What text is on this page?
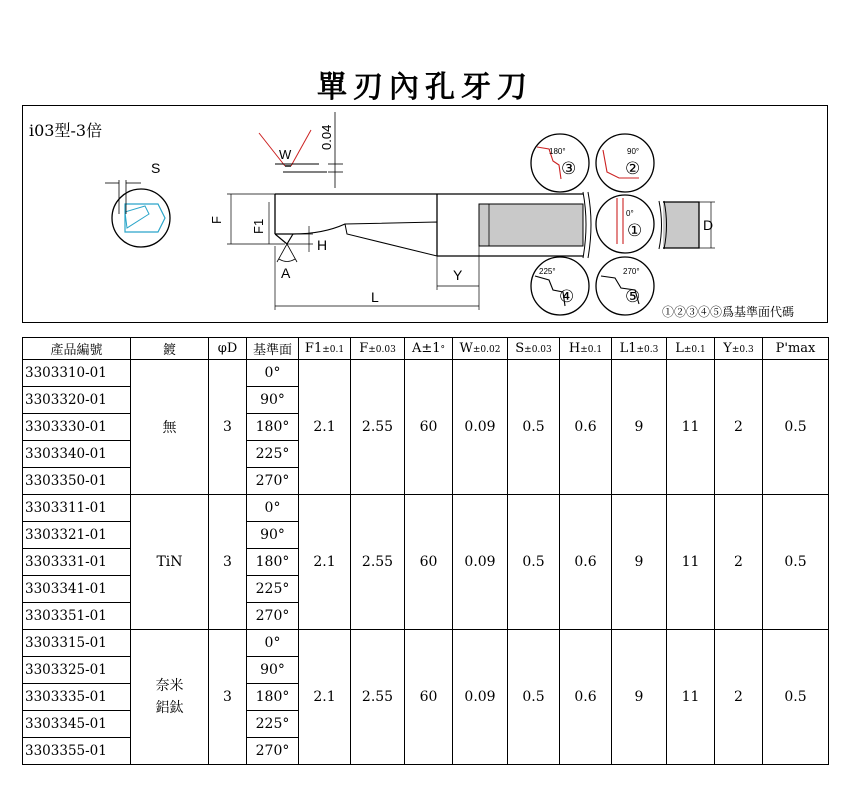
單刃內孔牙刀
i03型-3倍
S
W
0.04
F F1
H
A	Y
L
180°
③
90°
②
0°
①
225°
④
270°
⑤
D
①②③④⑤爲基準面代碼
產品編號	鍍	φD	基準面	F1±0.1	F±0.03	A±1°	W±0.02	S±0.03	H±0.1	L1±0.3	L±0.1	Y±0.3	P'max
3303310-01	無	3	0°	2.1	2.55	60	0.09	0.5	0.6	9	11	2	0.5
3303320-01			90°										
3303330-01			180°										
3303340-01			225°										
3303350-01			270°										
3303311-01	TiN	3	0°	2.1	2.55	60	0.09	0.5	0.6	9	11	2	0.5
3303321-01			90°										
3303331-01			180°										
3303341-01			225°										
3303351-01			270°										
3303315-01	奈米鋁鈦	3	0°	2.1	2.55	60	0.09	0.5	0.6	9	11	2	0.5
3303325-01			90°										
3303335-01			180°										
3303345-01			225°										
3303355-01			270°										
